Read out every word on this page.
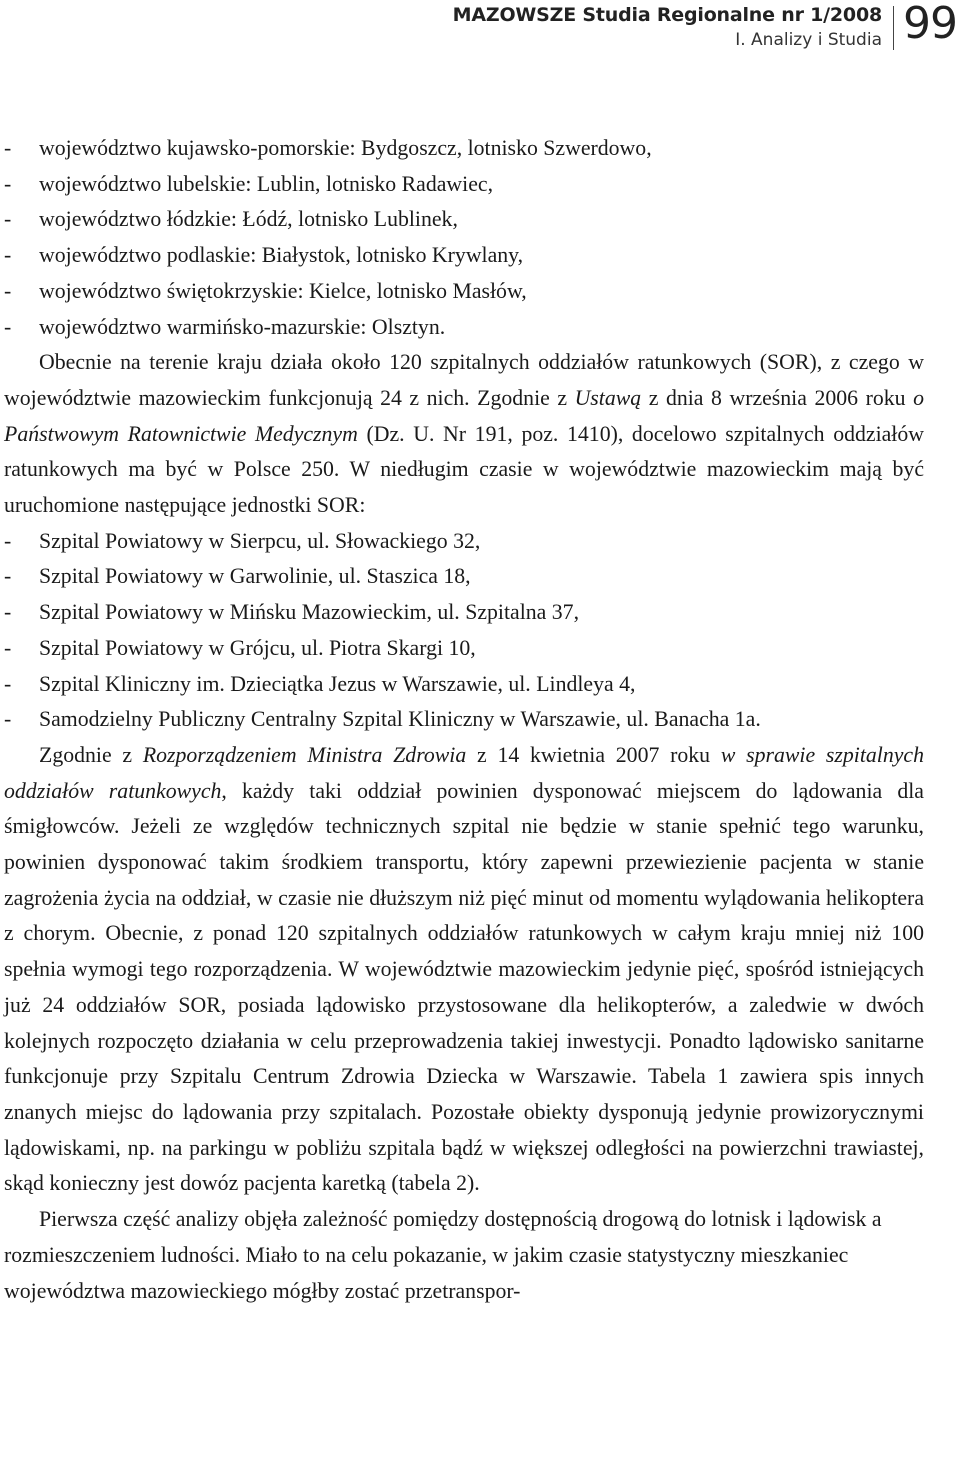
MAZOWSZE Studia Regionalne nr 1/2008
I. Analizy i Studia 99
- województwo kujawsko-pomorskie: Bydgoszcz, lotnisko Szwerdowo,
- województwo lubelskie: Lublin, lotnisko Radawiec,
- województwo łódzkie: Łódź, lotnisko Lublinek,
- województwo podlaskie: Białystok, lotnisko Krywlany,
- województwo świętokrzyskie: Kielce, lotnisko Masłów,
- województwo warmińsko-mazurskie: Olsztyn.

Obecnie na terenie kraju działa około 120 szpitalnych oddziałów ratunkowych (SOR), z czego w województwie mazowieckim funkcjonują 24 z nich. Zgodnie z Ustawą z dnia 8 września 2006 roku o Państwowym Ratownictwie Medycznym (Dz. U. Nr 191, poz. 1410), docelowo szpitalnych oddziałów ratunkowych ma być w Polsce 250. W niedługim czasie w województwie mazowieckim mają być uruchomione następujące jednostki SOR:

- Szpital Powiatowy w Sierpcu, ul. Słowackiego 32,
- Szpital Powiatowy w Garwolinie, ul. Staszica 18,
- Szpital Powiatowy w Mińsku Mazowieckim, ul. Szpitalna 37,
- Szpital Powiatowy w Grójcu, ul. Piotra Skargi 10,
- Szpital Kliniczny im. Dzieciątka Jezus w Warszawie, ul. Lindleya 4,
- Samodzielny Publiczny Centralny Szpital Kliniczny w Warszawie, ul. Banacha 1a.

Zgodnie z Rozporządzeniem Ministra Zdrowia z 14 kwietnia 2007 roku w sprawie szpitalnych oddziałów ratunkowych, każdy taki oddział powinien dysponować miejscem do lądowania dla śmigłowców. Jeżeli ze względów technicznych szpital nie będzie w stanie spełnić tego warunku, powinien dysponować takim środkiem transportu, który zapewni przewiezienie pacjenta w stanie zagrożenia życia na oddział, w czasie nie dłuższym niż pięć minut od momentu wylądowania helikoptera z chorym. Obecnie, z ponad 120 szpitalnych oddziałów ratunkowych w całym kraju mniej niż 100 spełnia wymogi tego rozporządzenia. W województwie mazowieckim jedynie pięć, spośród istniejących już 24 oddziałów SOR, posiada lądowisko przystosowane dla helikopterów, a zaledwie w dwóch kolejnych rozpoczęto działania w celu przeprowadzenia takiej inwestycji. Ponadto lądowisko sanitarne funkcjonuje przy Szpitalu Centrum Zdrowia Dziecka w Warszawie. Tabela 1 zawiera spis innych znanych miejsc do lądowania przy szpitalach. Pozostałe obiekty dysponują jedynie prowizorycznymi lądowiskami, np. na parkingu w pobliżu szpitala bądź w większej odległości na powierzchni trawiastej, skąd konieczny jest dowóz pacjenta karetką (tabela 2).

Pierwsza część analizy objęła zależność pomiędzy dostępnością drogową do lotnisk i lądowisk a rozmieszczeniem ludności. Miało to na celu pokazanie, w jakim czasie statystyczny mieszkaniec województwa mazowieckiego mógłby zostać przetranspor-
